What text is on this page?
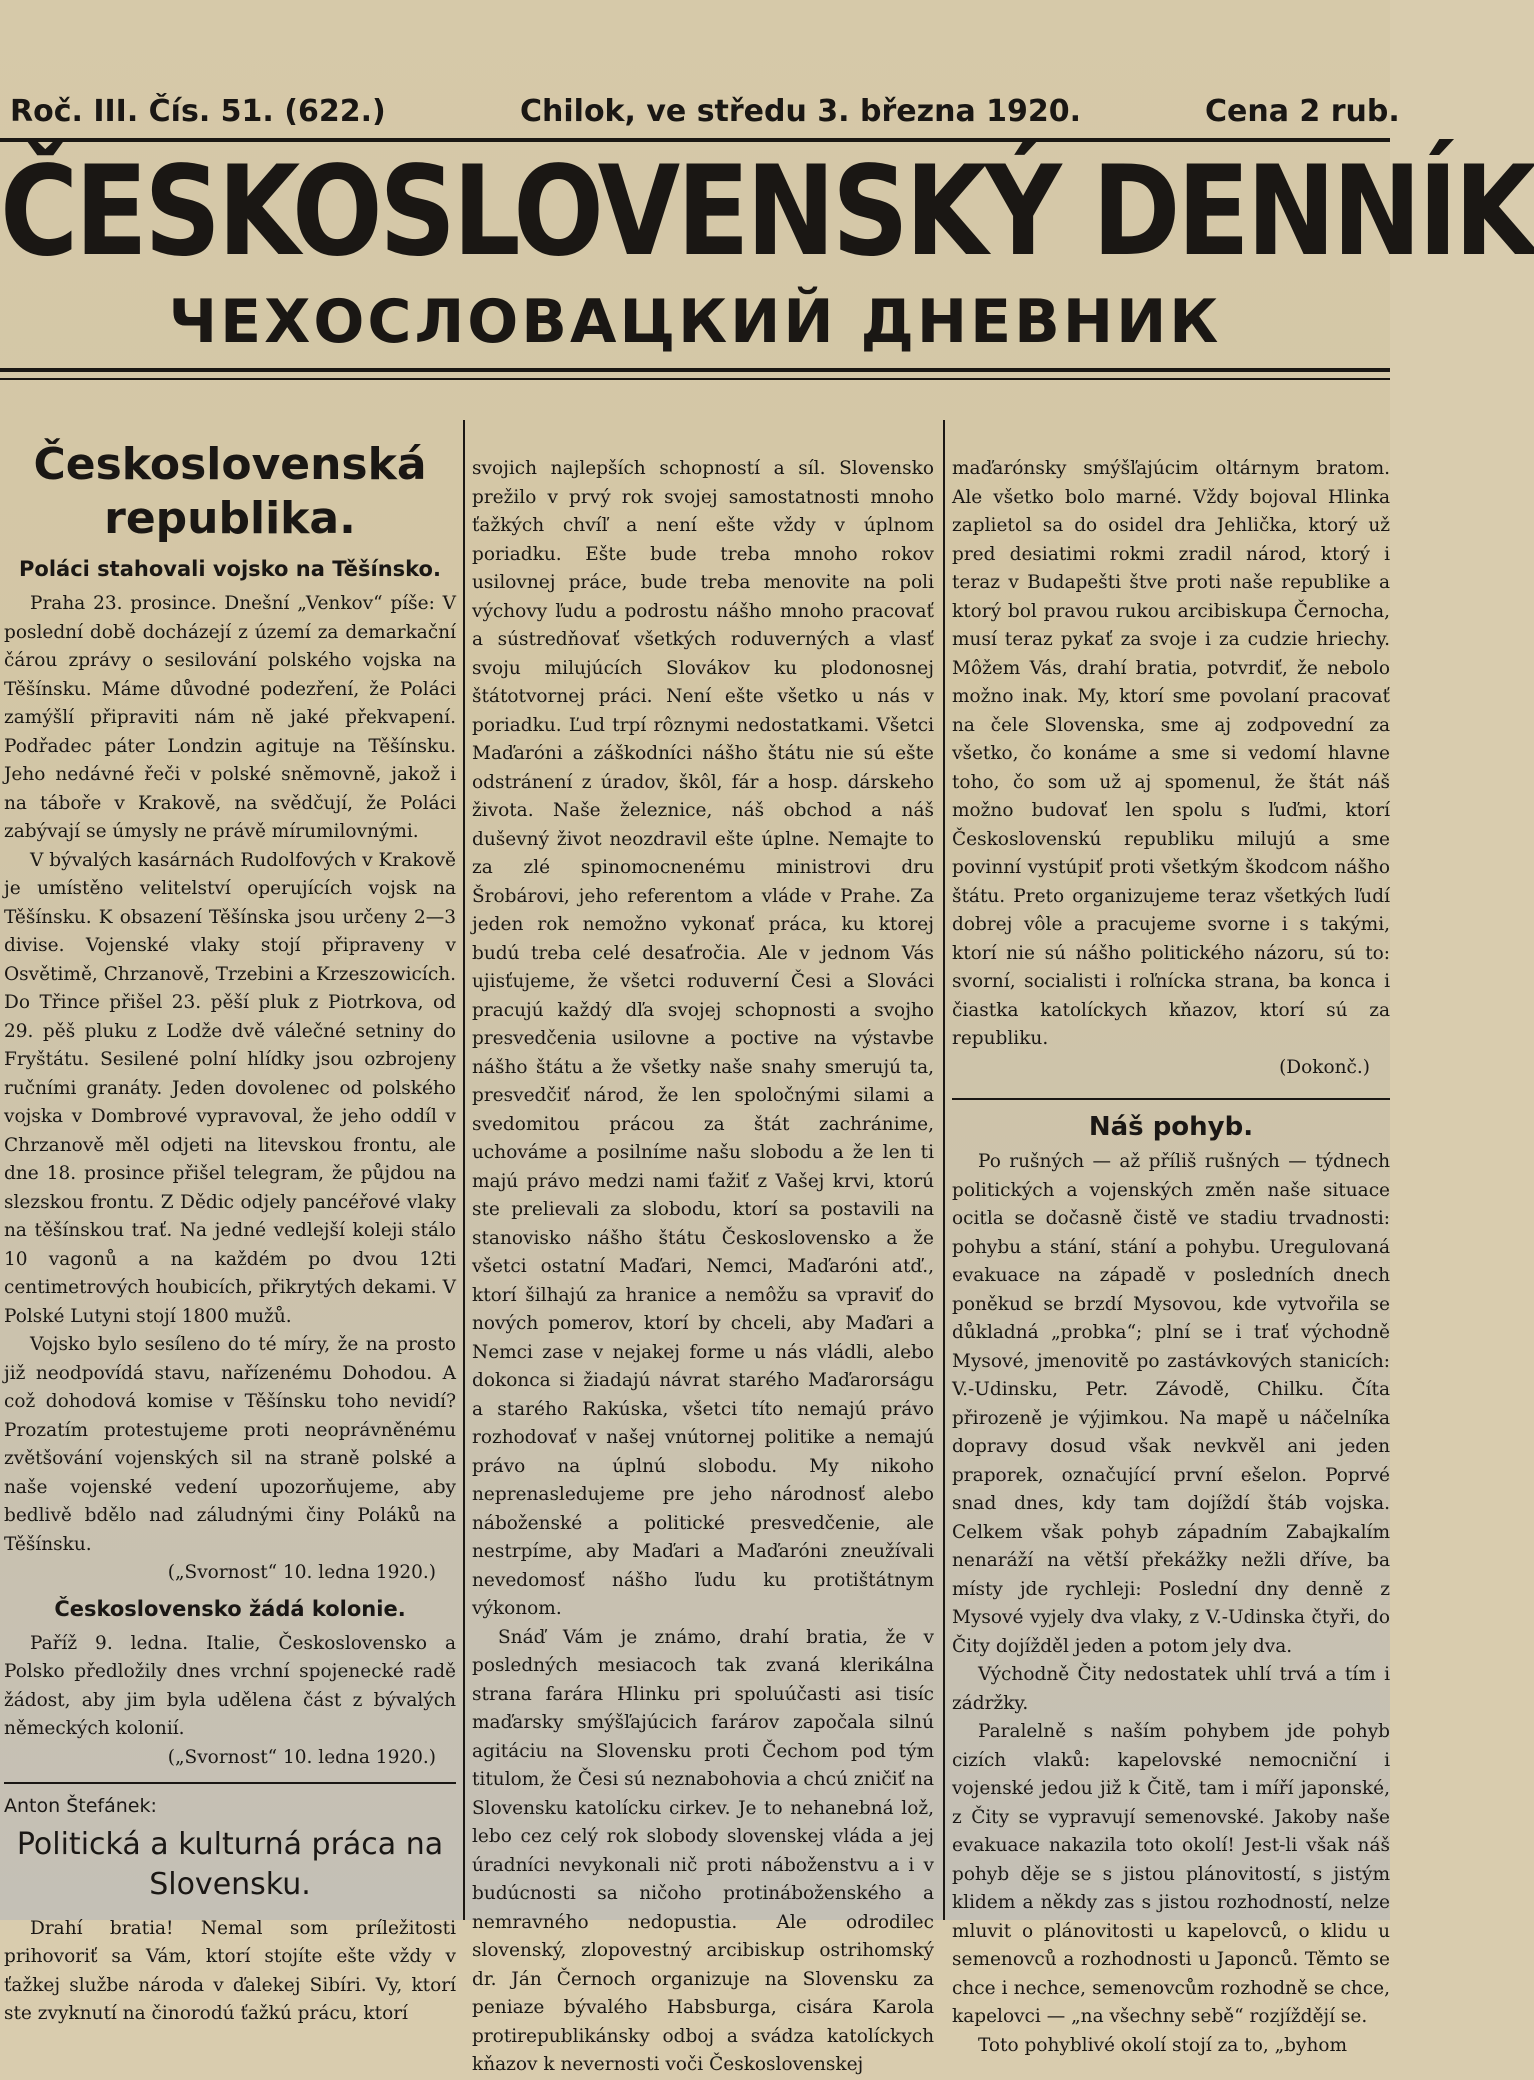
Roč. III. Čís. 51. (622.)	Chilok, ve středu 3. března 1920.	Cena 2 rub.
ČESKOSLOVENSKÝ DENNÍK
ЧЕХОСЛОВАЦКИЙ ДНЕВНИК
Československá republika.
Poláci stahovali vojsko na Těšínsko.

Praha 23. prosince. Dnešní „Venkov“ píše: V poslední době docházejí z území za demarkační čárou zprávy o sesilování polského vojska na Těšínsku. Máme důvodné podezření, že Poláci zamýšlí připraviti nám ně jaké překvapení. Podřadec páter Londzin agituje na Těšínsku. Jeho nedávné řeči v polské sněmovně, jakož i na táboře v Krakově, na svědčují, že Poláci zabývají se úmysly ne právě mírumilovnými.

V bývalých kasárnách Rudolfových v Krakově je umístěno velitelství operujících vojsk na Těšínsku. K obsazení Těšínska jsou určeny 2—3 divise. Vojenské vlaky stojí připraveny v Osvětimě, Chrzanově, Trzebini a Krzeszowicích. Do Třince přišel 23. pěší pluk z Piotrkova, od 29. pěš pluku z Lodže dvě válečné setniny do Fryštátu. Sesilené polní hlídky jsou ozbrojeny ručními granáty. Jeden dovolenec od polského vojska v Dombrové vypravoval, že jeho oddíl v Chrzanově měl odjeti na litevskou frontu, ale dne 18. prosince přišel telegram, že půjdou na slezskou frontu. Z Dědic odjely pancéřové vlaky na těšínskou trať. Na jedné vedlejší koleji stálo 10 vagonů a na každém po dvou 12ti centimetrových houbicích, přikrytých dekami. V Polské Lutyni stojí 1800 mužů.

Vojsko bylo sesíleno do té míry, že na prosto již neodpovídá stavu, nařízenému Dohodou. A což dohodová komise v Těšínsku toho nevidí? Prozatím protestujeme proti neoprávněnému zvětšování vojenských sil na straně polské a naše vojenské vedení upozorňujeme, aby bedlivě bdělo nad záludnými činy Poláků na Těšínsku.

(„Svornost“ 10. ledna 1920.)

Československo žádá kolonie.

Paříž 9. ledna. Italie, Československo a Polsko předložily dnes vrchní spojenecké radě žádost, aby jim byla udělena část z bývalých německých kolonií.

(„Svornost“ 10. ledna 1920.)

Anton Štefánek:
Politická a kulturná práca na Slovensku.

Drahí bratia! Nemal som príležitosti prihovoriť sa Vám, ktorí stojíte ešte vždy v ťažkej službe národa v ďalekej Sibíri. Vy, ktorí ste zvyknutí na činorodú ťažkú prácu, ktorí

svojich najlepších schopností a síl. Slovensko prežilo v prvý rok svojej samostatnosti mnoho ťažkých chvíľ a není ešte vždy v úplnom poriadku. Ešte bude treba mnoho rokov usilovnej práce, bude treba menovite na poli výchovy ľudu a podrostu nášho mnoho pracovať a sústredňovať všetkých roduverných a vlasť svoju milujúcích Slovákov ku plodonosnej štátotvornej práci. Není ešte všetko u nás v poriadku. Ľud trpí rôznymi nedostatkami. Všetci Maďaróni a záškodníci nášho štátu nie sú ešte odstránení z úradov, škôl, fár a hosp. dárskeho života. Naše železnice, náš obchod a náš duševný život neozdravil ešte úplne. Nemajte to za zlé spinomocnenému ministrovi dru Šrobárovi, jeho referentom a vláde v Prahe. Za jeden rok nemožno vykonať práca, ku ktorej budú treba celé desaťročia. Ale v jednom Vás ujisťujeme, že všetci roduverní Česi a Slováci pracujú každý dľa svojej schopnosti a svojho presvedčenia usilovne a poctive na výstavbe nášho štátu a že všetky naše snahy smerujú ta, presvedčiť národ, že len spoločnými silami a svedomitou prácou za štát zachránime, uchováme a posilníme našu slobodu a že len ti majú právo medzi nami ťažiť z Vašej krvi, ktorú ste prelievali za slobodu, ktorí sa postavili na stanovisko nášho štátu Československo a že všetci ostatní Maďari, Nemci, Maďaróni atď., ktorí šilhajú za hranice a nemôžu sa vpraviť do nových pomerov, ktorí by chceli, aby Maďari a Nemci zase v nejakej forme u nás vládli, alebo dokonca si žiadajú návrat starého Maďarorságu a starého Rakúska, všetci títo nemajú právo rozhodovať v našej vnútornej politike a nemajú právo na úplnú slobodu. My nikoho neprenasledujeme pre jeho národnosť alebo náboženské a politické presvedčenie, ale nestrpíme, aby Maďari a Maďaróni zneužívali nevedomosť nášho ľudu ku protištátnym výkonom.

Snáď Vám je známo, drahí bratia, že v posledných mesiacoch tak zvaná klerikálna strana farára Hlinku pri spoluúčasti asi tisíc maďarsky smýšľajúcich farárov započala silnú agitáciu na Slovensku proti Čechom pod tým titulom, že Česi sú neznabohovia a chcú zničiť na Slovensku katolícku cirkev. Je to nehanebná lož, lebo cez celý rok slobody slovenskej vláda a jej úradníci nevykonali nič proti náboženstvu a i v budúcnosti sa ničoho protináboženského a nemravného nedopustia. Ale odrodilec slovenský, zlopovestný arcibiskup ostrihomský dr. Ján Černoch organizuje na Slovensku za peniaze bývalého Habsburga, cisára Karola protirepublikánsky odboj a svádza katolíckych kňazov k nevernosti voči Československej

maďarónsky smýšľajúcim oltárnym bratom. Ale všetko bolo marné. Vždy bojoval Hlinka zaplietol sa do osidel dra Jehlička, ktorý už pred desiatimi rokmi zradil národ, ktorý i teraz v Budapešti štve proti naše republike a ktorý bol pravou rukou arcibiskupa Černocha, musí teraz pykať za svoje i za cudzie hriechy. Môžem Vás, drahí bratia, potvrdiť, že nebolo možno inak. My, ktorí sme povolaní pracovať na čele Slovenska, sme aj zodpovední za všetko, čo konáme a sme si vedomí hlavne toho, čo som už aj spomenul, že štát náš možno budovať len spolu s ľuďmi, ktorí Československú republiku milujú a sme povinní vystúpiť proti všetkým škodcom nášho štátu. Preto organizujeme teraz všetkých ľudí dobrej vôle a pracujeme svorne i s takými, ktorí nie sú nášho politického názoru, sú to: svorní, socialisti i roľnícka strana, ba konca i čiastka katolíckych kňazov, ktorí sú za republiku.

(Dokonč.)

Náš pohyb.

Po rušných — až příliš rušných — týdnech politických a vojenských změn naše situace ocitla se dočasně čistě ve stadiu trvadnosti: pohybu a stání, stání a pohybu. Uregulovaná evakuace na západě v posledních dnech poněkud se brzdí Mysovou, kde vytvořila se důkladná „probka“; plní se i trať východně Mysové, jmenovitě po zastávkových stanicích: V.-Udinsku, Petr. Závodě, Chilku. Číta přirozeně je výjimkou. Na mapě u náčelníka dopravy dosud však nevkvěl ani jeden praporek, označující první ešelon. Poprvé snad dnes, kdy tam dojíždí štáb vojska. Celkem však pohyb západním Zabajkalím nenaráží na větší překážky nežli dříve, ba místy jde rychleji: Poslední dny denně z Mysové vyjely dva vlaky, z V.-Udinska čtyři, do Čity dojížděl jeden a potom jely dva.

Východně Čity nedostatek uhlí trvá a tím i zádržky.

Paralelně s naším pohybem jde pohyb cizích vlaků: kapelovské nemocniční i vojenské jedou již k Čitě, tam i míří japonské, z Čity se vypravují semenovské. Jakoby naše evakuace nakazila toto okolí! Jest-li však náš pohyb děje se s jistou plánovitostí, s jistým klidem a někdy zas s jistou rozhodností, nelze mluvit o plánovitosti u kapelovců, o klidu u semenovců a rozhodnosti u Japonců. Těmto se chce i nechce, semenovcům rozhodně se chce, kapelovci — „na všechny sebě“ rozjíždějí se.

Toto pohyblivé okolí stojí za to, „byhom
